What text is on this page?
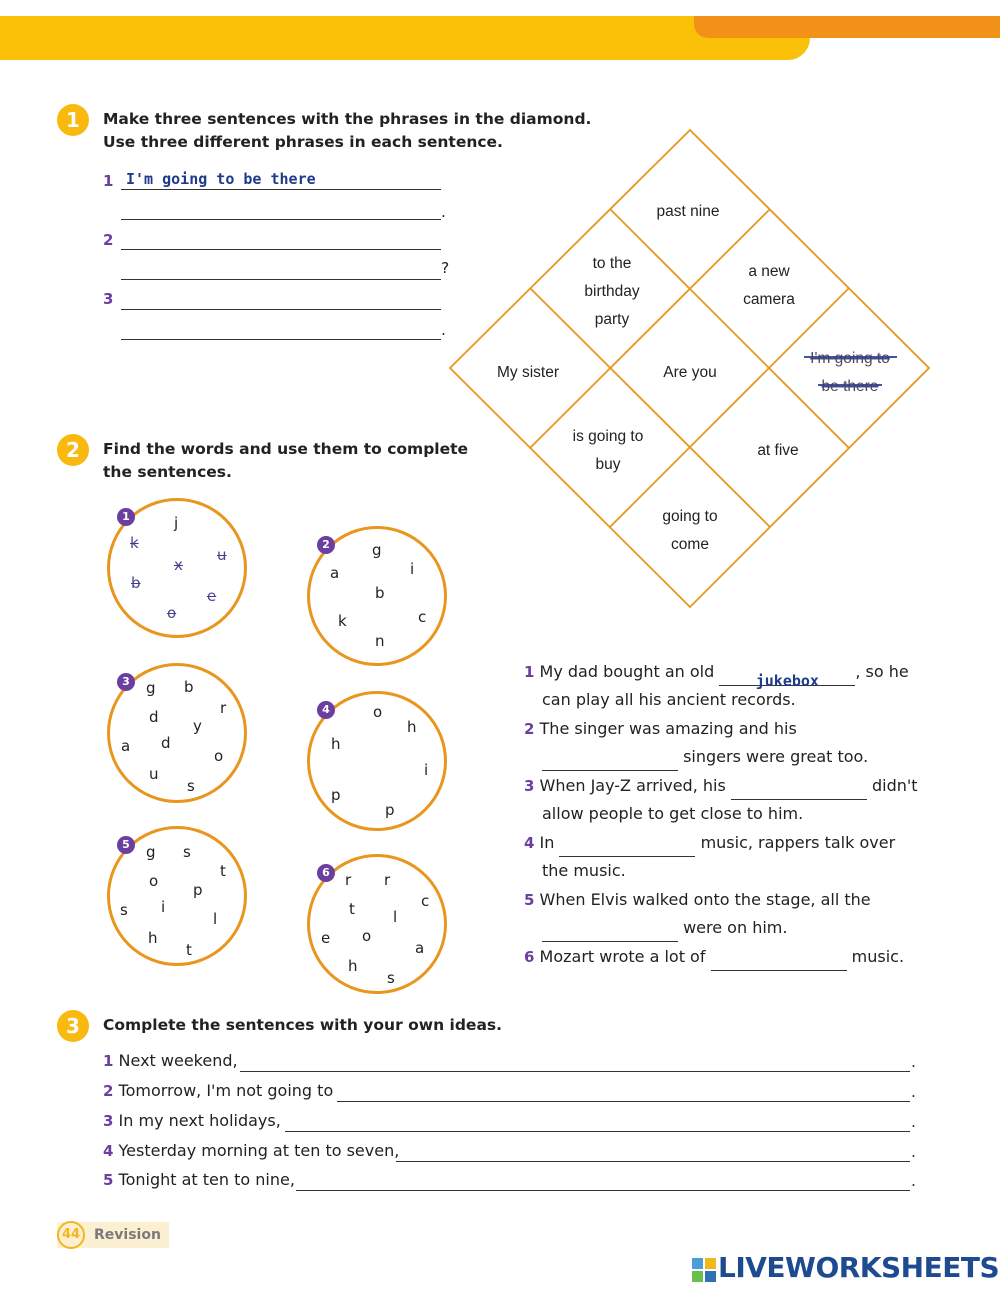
1	Make three sentences with the phrases in the diamond.
Use three different phrases in each sentence.
1 I'm going to be there
.
2
?
3
.
past nine
to the birthday party
a new camera
My sister	Are you
I'm going to be there
is going to buy
at five
going to come
2	Find the words and use them to complete
the sentences.
1	j
k
x
u
b
e
o
2	g
a	i
b
c
k
n
3	g b
r
d y
a d
o
u
s
4	o
h
h
i
p
p
5	g s
t
o p
s i
l
h
t
6	r r
c
t	l
e o
a
h
s
1 My dad bought an old	jukebox , so he
can play all his ancient records.
2 The singer was amazing and his
singers were great too.
3 When Jay-Z arrived, his	didn't
allow people to get close to him.
4 In	music, rappers talk over
the music.
5 When Elvis walked onto the stage, all the
were on him.
6 Mozart wrote a lot of	music.
3	Complete the sentences with your own ideas.
1 Next weekend,	.
2 Tomorrow, I'm not going to	.
3 In my next holidays,	.
4 Yesterday morning at ten to seven,	.
5 Tonight at ten to nine,	.
44 Revision
LIVEWORKSHEETS
